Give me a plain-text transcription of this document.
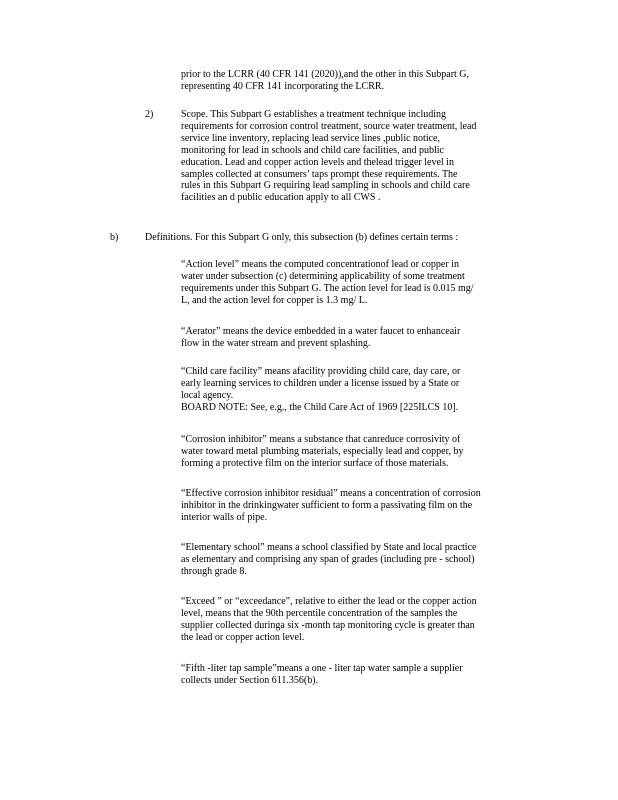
prior to the LCRR (40 CFR 141 (2020)),and the other in this Subpart G,
representing 40 CFR 141 incorporating the LCRR.

2)	Scope. This Subpart G establishes a treatment technique including
requirements for corrosion control treatment, source water treatment, lead
service line inventory, replacing lead service lines ,public notice,
monitoring for lead in schools and child care facilities, and public
education. Lead and copper action levels and thelead trigger level in
samples collected at consumers’ taps prompt these requirements. The
rules in this Subpart G requiring lead sampling in schools and child care
facilities an d public education apply to all CWS .

b)	Definitions. For this Subpart G only, this subsection (b) defines certain terms :

“Action level” means the computed concentrationof lead or copper in
water under subsection (c) determining applicability of some treatment
requirements under this Subpart G. The action level for lead is 0.015 mg/
L, and the action level for copper is 1.3 mg/ L.

“Aerator” means the device embedded in a water faucet to enhanceair
flow in the water stream and prevent splashing.

“Child care facility” means afacility providing child care, day care, or
early learning services to children under a license issued by a State or
local agency.
BOARD NOTE: See, e.g., the Child Care Act of 1969 [225ILCS 10].

“Corrosion inhibitor” means a substance that canreduce corrosivity of
water toward metal plumbing materials, especially lead and copper, by
forming a protective film on the interior surface of those materials.

“Effective corrosion inhibitor residual” means a concentration of corrosion
inhibitor in the drinkingwater sufficient to form a passivating film on the
interior walls of pipe.

“Elementary school” means a school classified by State and local practice
as elementary and comprising any span of grades (including pre - school)
through grade 8.

“Exceed ” or “exceedance”, relative to either the lead or the copper action
level, means that the 90th percentile concentration of the samples the
supplier collected duringa six -month tap monitoring cycle is greater than
the lead or copper action level.

“Fifth -liter tap sample”means a one - liter tap water sample a supplier
collects under Section 611.356(b).
